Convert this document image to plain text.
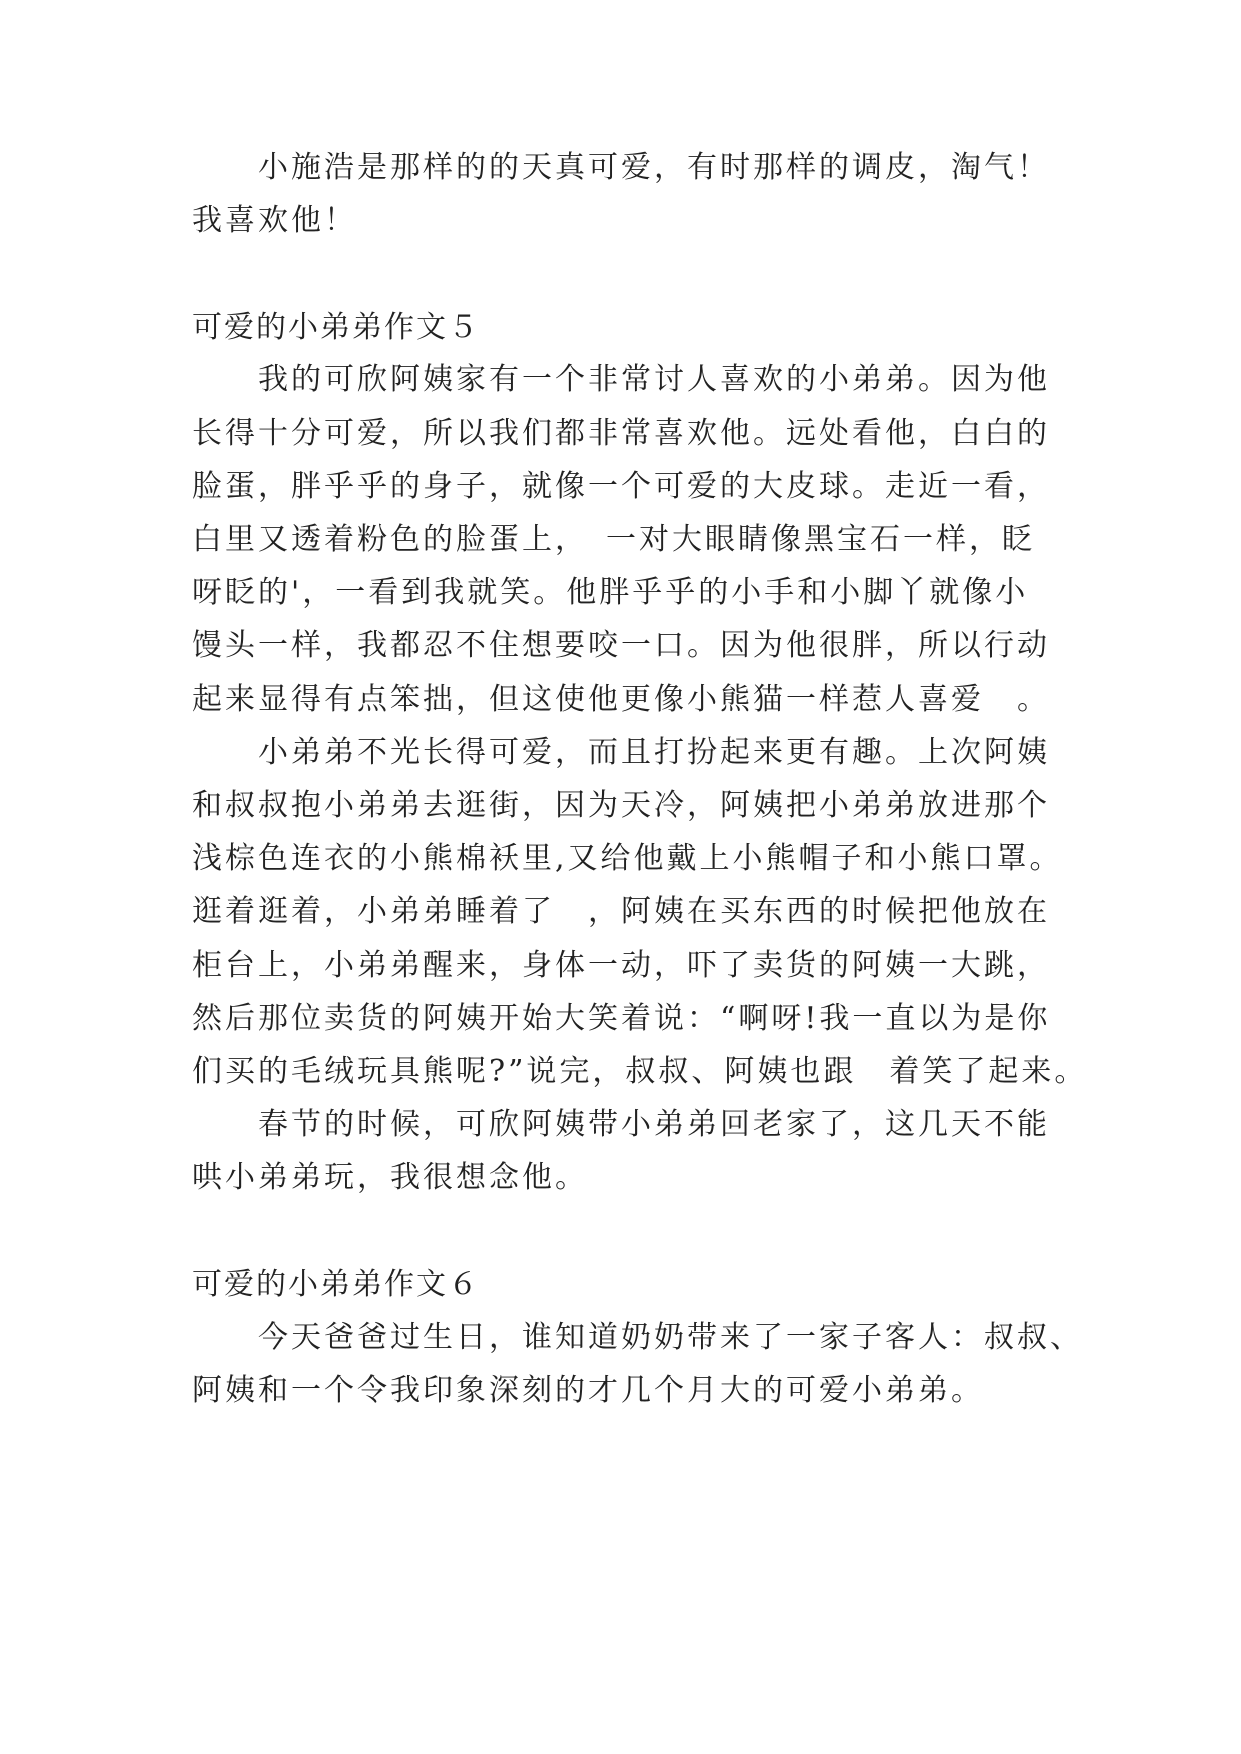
小施浩是那样的的天真可爱，有时那样的调皮，淘气！
我喜欢他！
可爱的小弟弟作文５
我的可欣阿姨家有一个非常讨人喜欢的小弟弟。因为他
长得十分可爱，所以我们都非常喜欢他。远处看他，白白的
脸蛋，胖乎乎的身子，就像一个可爱的大皮球。走近一看，
白里又透着粉色的脸蛋上，　一对大眼睛像黑宝石一样，眨
呀眨的'，一看到我就笑。他胖乎乎的小手和小脚丫就像小
馒头一样，我都忍不住想要咬一口。因为他很胖，所以行动
起来显得有点笨拙，但这使他更像小熊猫一样惹人喜爱　。
小弟弟不光长得可爱，而且打扮起来更有趣。上次阿姨
和叔叔抱小弟弟去逛街，因为天冷，阿姨把小弟弟放进那个
浅棕色连衣的小熊棉袄里,又给他戴上小熊帽子和小熊口罩。
逛着逛着，小弟弟睡着了　，阿姨在买东西的时候把他放在
柜台上，小弟弟醒来，身体一动，吓了卖货的阿姨一大跳，
然后那位卖货的阿姨开始大笑着说：“啊呀!我一直以为是你
们买的毛绒玩具熊呢?”说完，叔叔、阿姨也跟　着笑了起来。
春节的时候，可欣阿姨带小弟弟回老家了，这几天不能
哄小弟弟玩，我很想念他。
可爱的小弟弟作文６
今天爸爸过生日，谁知道奶奶带来了一家子客人：叔叔、
阿姨和一个令我印象深刻的才几个月大的可爱小弟弟。
